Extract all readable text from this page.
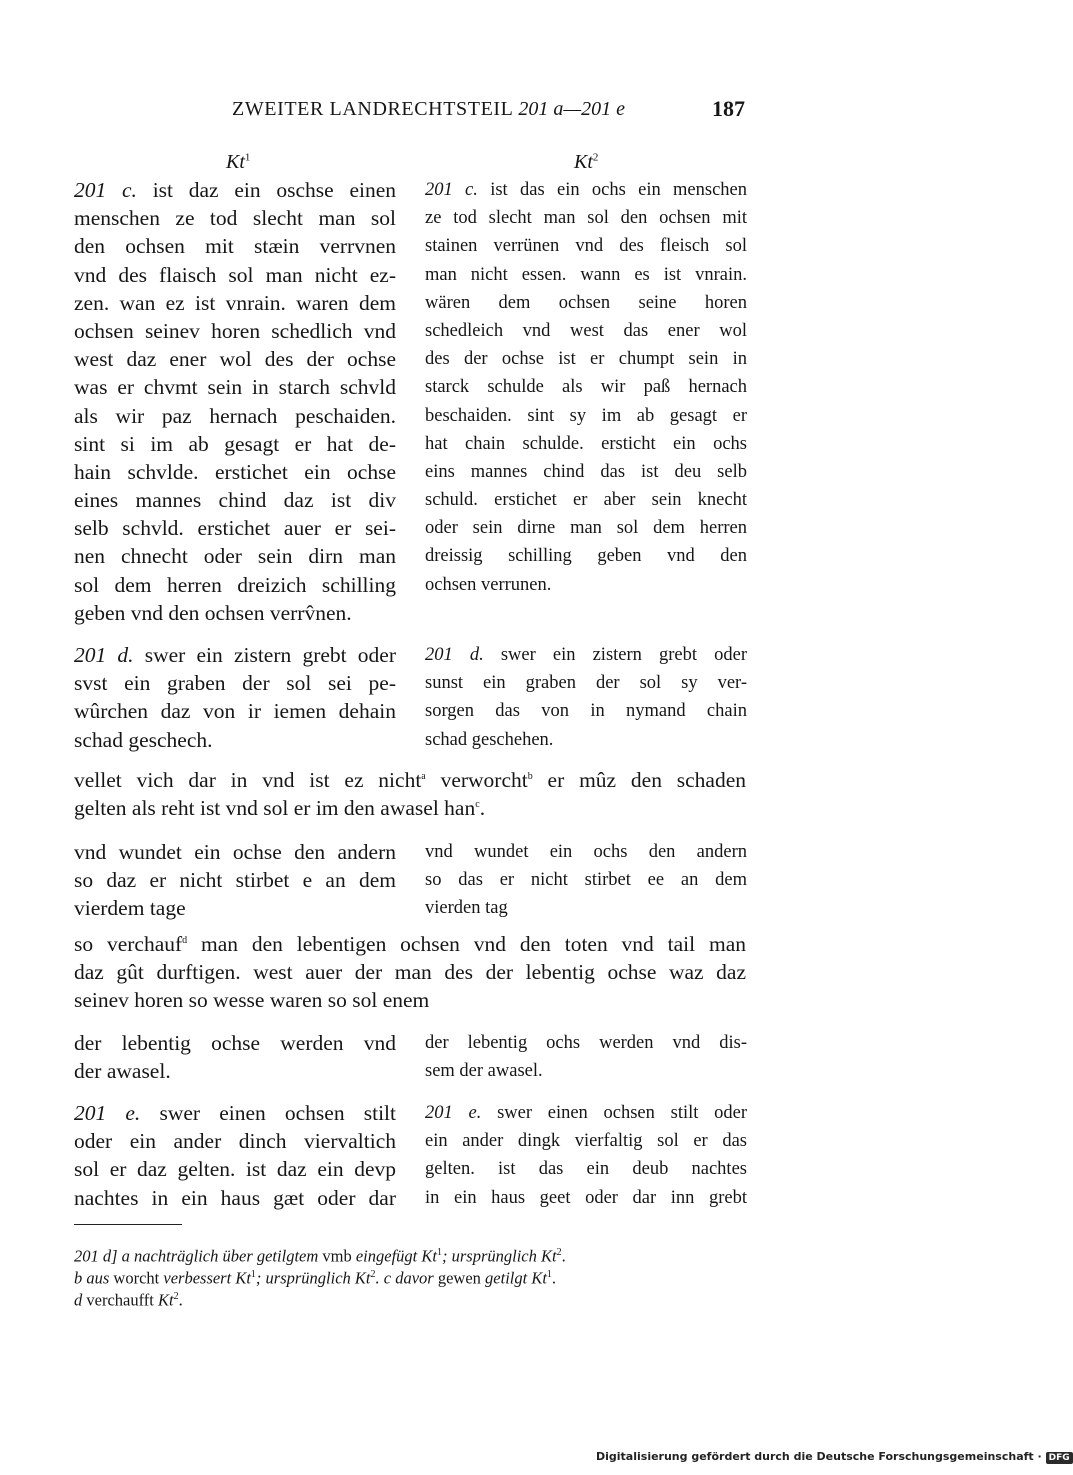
ZWEITER LANDRECHTSTEIL 201 a—201 e	187
Kt$^1$	Kt$^2$
201 c. ist daz ein oschse einen
menschen ze tod slecht man sol
den ochsen mit stæin verrvnen
vnd des flaisch sol man nicht ez-
zen. wan ez ist vnrain. waren dem
ochsen seinev horen schedlich vnd
west daz ener wol des der ochse
was er chvmt sein in starch schvld
als wir paz hernach peschaiden.
sint si im ab gesagt er hat de-
hain schvlde. erstichet ein ochse
eines mannes chind daz ist div
selb schvld. erstichet auer er sei-
nen chnecht oder sein dirn man
sol dem herren dreizich schilling
geben vnd den ochsen verrv̂nen.
201 c. ist das ein ochs ein menschen
ze tod slecht man sol den ochsen mit
stainen verrünen vnd des fleisch sol
man nicht essen. wann es ist vnrain.
wären dem ochsen seine horen
schedleich vnd west das ener wol
des der ochse ist er chumpt sein in
starck schulde als wir paß hernach
beschaiden. sint sy im ab gesagt er
hat chain schulde. ersticht ein ochs
eins mannes chind das ist deu selb
schuld. erstichet er aber sein knecht
oder sein dirne man sol dem herren
dreissig schilling geben vnd den
ochsen verrunen.
201 d. swer ein zistern grebt oder
svst ein graben der sol sei pe-
wûrchen daz von ir iemen dehain
schad geschech.
201 d. swer ein zistern grebt oder
sunst ein graben der sol sy ver-
sorgen das von in nymand chain
schad geschehen.
vellet vich dar in vnd ist ez nicht$^a$ verworcht$^b$ er mûz den schaden
gelten als reht ist vnd sol er im den awasel han$^c$.
vnd wundet ein ochse den andern
so daz er nicht stirbet e an dem
vierdem tage
vnd wundet ein ochs den andern
so das er nicht stirbet ee an dem
vierden tag
so verchauf$^d$ man den lebentigen ochsen vnd den toten vnd tail man
daz gût durftigen. west auer der man des der lebentig ochse waz daz
seinev horen so wesse waren so sol enem
der lebentig ochse werden vnd
der awasel.
der lebentig ochs werden vnd dis-
sem der awasel.
201 e. swer einen ochsen stilt
oder ein ander dinch viervaltich
sol er daz gelten. ist daz ein devp
nachtes in ein haus gæt oder dar
201 e. swer einen ochsen stilt oder
ein ander dingk vierfaltig sol er das
gelten. ist das ein deub nachtes
in ein haus geet oder dar inn grebt
201 d] a nachträglich über getilgtem vmb eingefügt Kt$^1$; ursprünglich Kt$^2$.
b aus worcht verbessert Kt$^1$; ursprünglich Kt$^2$. c davor gewen getilgt Kt$^1$.
d verchaufft Kt$^2$.
Digitalisierung gefördert durch die Deutsche Forschungsgemeinschaft · DFG
